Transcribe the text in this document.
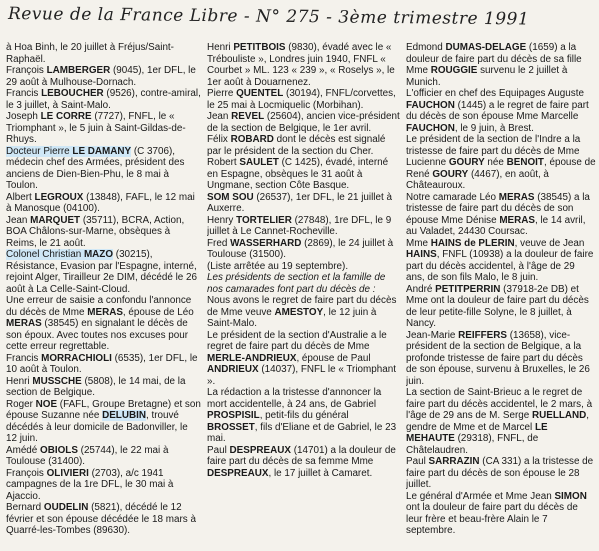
Revue de la France Libre - N° 275 - 3ème trimestre 1991

à Hoa Binh, le 20 juillet à Fréjus/Saint-Raphaël.

François LAMBERGER (9045), 1er DFL, le 29 août à Mulhouse-Dornach.

Francis LEBOUCHER (9526), contre-amiral, le 3 juillet, à Saint-Malo.

Joseph LE CORRE (7727), FNFL, le « Triomphant », le 5 juin à Saint-Gildas-de-Rhuys.

Docteur Pierre LE DAMANY (C 3706), médecin chef des Armées, président des anciens de Dien-Bien-Phu, le 8 mai à Toulon.

Albert LEGROUX (13848), FAFL, le 12 mai à Manosque (04100).

Jean MARQUET (35711), BCRA, Action, BOA Châlons-sur-Marne, obsèques à Reims, le 21 août.

Colonel Christian MAZO (30215), Résistance, Evasion par l'Espagne, interné, rejoint Alger, Tirailleur 2e DIM, décédé le 26 août à La Celle-Saint-Cloud.

Une erreur de saisie a confondu l'annonce du décès de Mme MERAS, épouse de Léo MERAS (38545) en signalant le décès de son époux. Avec toutes nos excuses pour cette erreur regrettable.

Francis MORRACHIOLI (6535), 1er DFL, le 10 août à Toulon.

Henri MUSSCHE (5808), le 14 mai, de la section de Belgique.

Roger NOE (FAFL, Groupe Bretagne) et son épouse Suzanne née DELUBIN, trouvé décédés à leur domicile de Badonviller, le 12 juin.

Amédé OBIOLS (25744), le 22 mai à Toulouse (31400).

François OLIVIERI (2703), a/c 1941 campagnes de la 1re DFL, le 30 mai à Ajaccio.

Bernard OUDELIN (5821), décédé le 12 février et son épouse décédée le 18 mars à Quarré-les-Tombes (89630).

Henri PETITBOIS (9830), évadé avec le « Trébouliste », Londres juin 1940, FNFL « Courbet » ML. 123 « 239 », « Roselys », le 1er août à Douarnenez.

Pierre QUENTEL (30194), FNFL/corvettes, le 25 mai à Locmiquelic (Morbihan).

Jean REVEL (25604), ancien vice-président de la section de Belgique, le 1er avril.

Félix ROBARD dont le décès est signalé par le président de la section du Cher.

Robert SAULET (C 1425), évadé, interné en Espagne, obsèques le 31 août à Ungmane, section Côte Basque.

SOM SOU (26537), 1er DFL, le 21 juillet à Auxerre.

Henry TORTELIER (27848), 1re DFL, le 9 juillet à Le Cannet-Rocheville.

Fred WASSERHARD (2869), le 24 juillet à Toulouse (31500).

(Liste arrêtée au 19 septembre).

Les présidents de section et la famille de nos camarades font part du décès de :

Nous avons le regret de faire part du décès de Mme veuve AMESTOY, le 12 juin à Saint-Malo.

Le président de la section d'Australie a le regret de faire part du décès de Mme MERLE-ANDRIEUX, épouse de Paul ANDRIEUX (14037), FNFL le « Triomphant ».

La rédaction a la tristesse d'annoncer la mort accidentelle, à 24 ans, de Gabriel PROSPISIL, petit-fils du général BROSSET, fils d'Eliane et de Gabriel, le 23 mai.

Paul DESPREAUX (14701) a la douleur de faire part du décès de sa femme Mme DESPREAUX, le 17 juillet à Camaret.

Edmond DUMAS-DELAGE (1659) a la douleur de faire part du décès de sa fille Mme ROUGGIE survenu le 2 juillet à Munich.

L'officier en chef des Equipages Auguste FAUCHON (1445) a le regret de faire part du décès de son épouse Mme Marcelle FAUCHON, le 9 juin, à Brest.

Le président de la section de l'Indre a la tristesse de faire part du décès de Mme Lucienne GOURY née BENOIT, épouse de René GOURY (4467), en août, à Châteauroux.

Notre camarade Léo MERAS (38545) a la tristesse de faire part du décès de son épouse Mme Dénise MERAS, le 14 avril, au Valadet, 24430 Coursac.

Mme HAINS de PLERIN, veuve de Jean HAINS, FNFL (10938) a la douleur de faire part du décès accidentel, à l'âge de 29 ans, de son fils Malo, le 8 juin.

André PETITPERRIN (37918-2e DB) et Mme ont la douleur de faire part du décès de leur petite-fille Solyne, le 8 juillet, à Nancy.

Jean-Marie REIFFERS (13658), vice-président de la section de Belgique, a la profonde tristesse de faire part du décès de son épouse, survenu à Bruxelles, le 26 juin.

La section de Saint-Brieuc a le regret de faire part du décès accidentel, le 2 mars, à l'âge de 29 ans de M. Serge RUELLAND, gendre de Mme et de Marcel LE MEHAUTE (29318), FNFL, de Châtelaudren.

Paul SARRAZIN (CA 331) a la tristesse de faire part du décès de son épouse le 28 juillet.

Le général d'Armée et Mme Jean SIMON ont la douleur de faire part du décès de leur frère et beau-frère Alain le 7 septembre.
